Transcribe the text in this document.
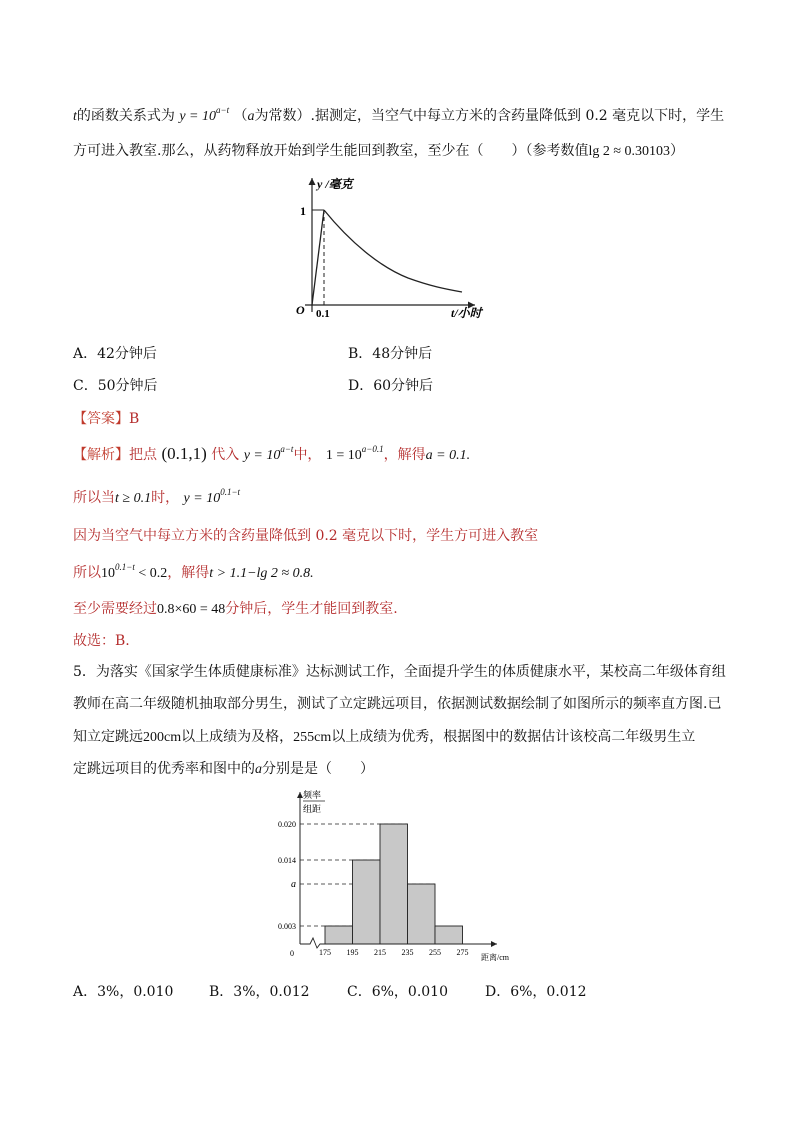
t的函数关系式为 $y = 10^{a-t}$ （a为常数）.据测定，当空气中每立方米的含药量降低到 0.2 毫克以下时，学生
方可进入教室.那么，从药物释放开始到学生能回到教室，至少在（　　）（参考数值lg 2 ≈ 0.30103）
y /毫克
1
O 0.1	t/小时
A．42分钟后	B．48分钟后
C．50分钟后	D．60分钟后
【答案】B
【解析】把点 (0.1,1) 代入 $y = 10^{a-t}$中， $1 = 10^{a-0.1}$，解得a = 0.1.
所以当t ≥ 0.1时， $y = 10^{0.1-t}$
因为当空气中每立方米的含药量降低到 0.2 毫克以下时，学生方可进入教室
所以$10^{0.1-t} < 0.2$，解得t > 1.1−lg 2 ≈ 0.8.
至少需要经过0.8×60 = 48分钟后，学生才能回到教室.
故选：B.
5．为落实《国家学生体质健康标准》达标测试工作，全面提升学生的体质健康水平，某校高二年级体育组
教师在高二年级随机抽取部分男生，测试了立定跳远项目，依据测试数据绘制了如图所示的频率直方图.已
知立定跳远200cm以上成绩为及格，255cm以上成绩为优秀，根据图中的数据估计该校高二年级男生立
定跳远项目的优秀率和图中的a分别是是（　　）
频率
组距
0	距离/cm
0.020
0.014
a
0.003
175 195 215 235 255 275
A．3%，0.010	B．3%，0.012	C．6%，0.010	D．6%，0.012
